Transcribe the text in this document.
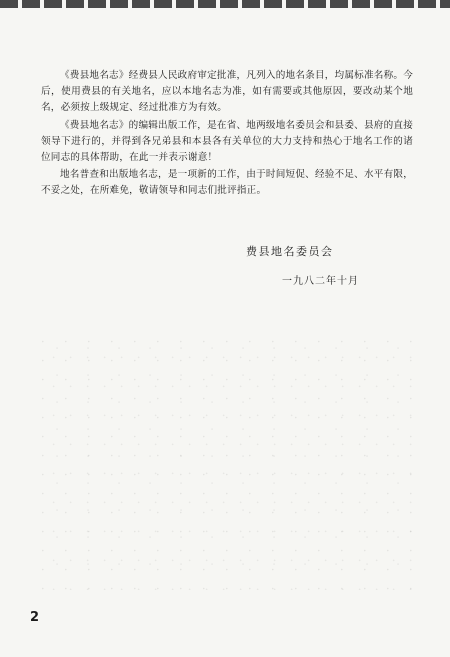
《费县地名志》经费县人民政府审定批准，凡列入的地名条目，均属标准名称。今后，使用费县的有关地名，应以本地名志为准，如有需要或其他原因，要改动某个地名，必须按上级规定、经过批准方为有效。

《费县地名志》的编辑出版工作，是在省、地两级地名委员会和县委、县府的直接领导下进行的，并得到各兄弟县和本县各有关单位的大力支持和热心于地名工作的诸位同志的具体帮助，在此一并表示谢意！

地名普查和出版地名志，是一项新的工作，由于时间短促、经验不足、水平有限，不妥之处，在所难免，敬请领导和同志们批评指正。

费县地名委员会
一九八二年十月
2
